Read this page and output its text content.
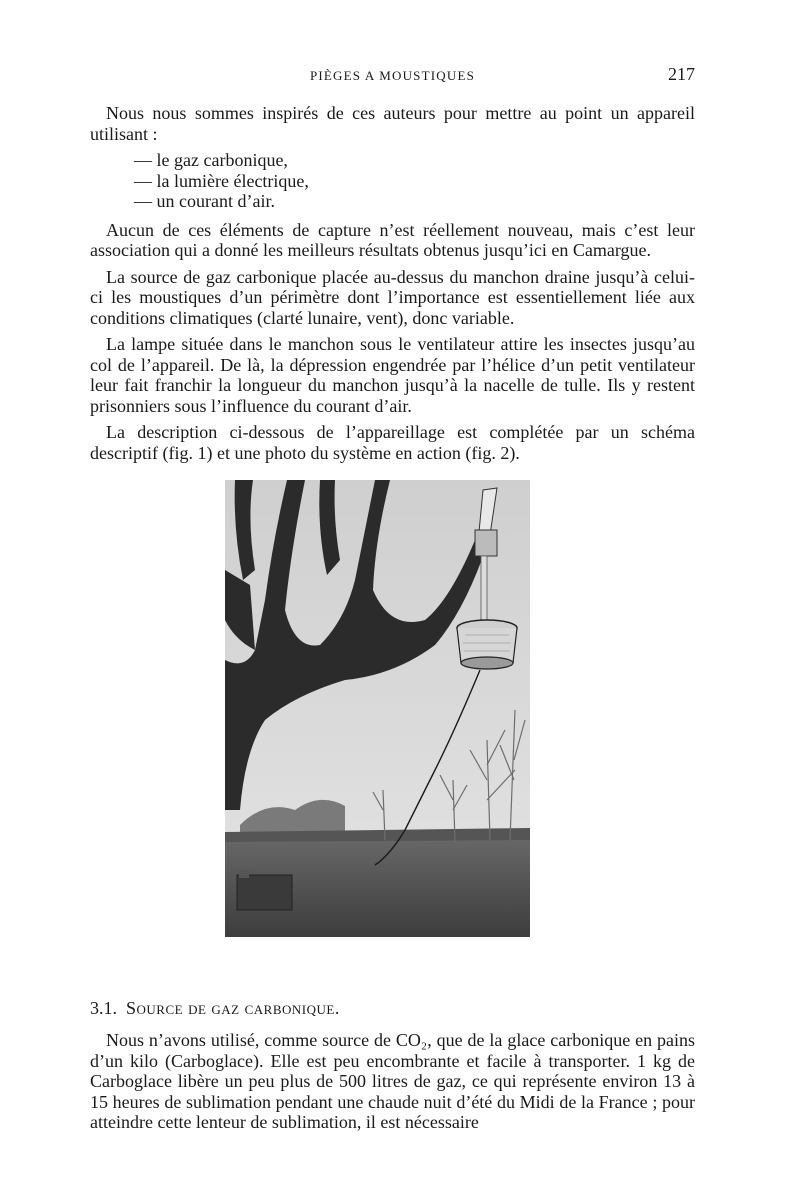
PIÈGES A MOUSTIQUES	217

Nous nous sommes inspirés de ces auteurs pour mettre au point un appareil utilisant :

— le gaz carbonique,
— la lumière électrique,
— un courant d’air.

Aucun de ces éléments de capture n’est réellement nouveau, mais c’est leur association qui a donné les meilleurs résultats obtenus jusqu’ici en Camargue.

La source de gaz carbonique placée au-dessus du manchon draine jusqu’à celui-ci les moustiques d’un périmètre dont l’importance est essentiellement liée aux conditions climatiques (clarté lunaire, vent), donc variable.

La lampe située dans le manchon sous le ventilateur attire les insectes jusqu’au col de l’appareil. De là, la dépression engendrée par l’hélice d’un petit ventilateur leur fait franchir la longueur du manchon jusqu’à la nacelle de tulle. Ils y restent prisonniers sous l’influence du courant d’air.

La description ci-dessous de l’appareillage est complétée par un schéma descriptif (fig. 1) et une photo du système en action (fig. 2).

3.1. Source de gaz carbonique.

Nous n’avons utilisé, comme source de CO₂, que de la glace carbonique en pains d’un kilo (Carboglace). Elle est peu encombrante et facile à transporter. 1 kg de Carboglace libère un peu plus de 500 litres de gaz, ce qui représente environ 13 à 15 heures de sublimation pendant une chaude nuit d’été du Midi de la France ; pour atteindre cette lenteur de sublimation, il est nécessaire
